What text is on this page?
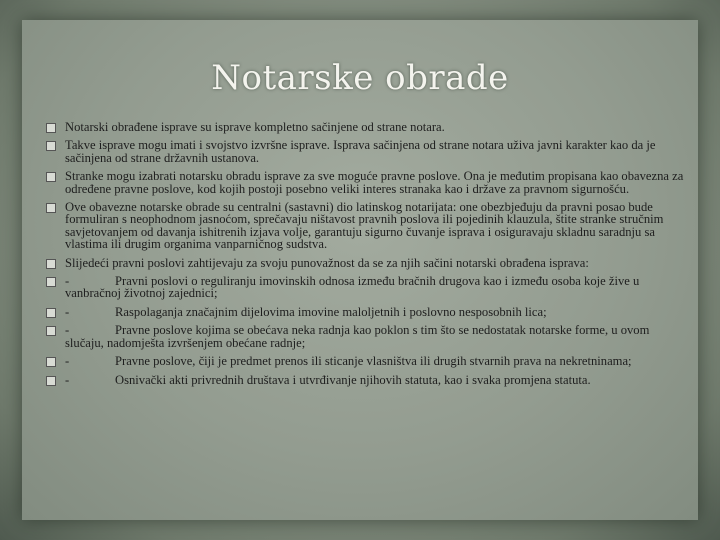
Notarske obrade
Notarski obrađene isprave su isprave kompletno sačinjene od strane notara.
Takve isprave mogu imati i svojstvo izvršne isprave. Isprava sačinjena od strane notara uživa javni karakter kao da je sačinjena od strane državnih ustanova.
Stranke mogu izabrati notarsku obradu isprave za sve moguće pravne poslove. Ona je međutim propisana kao obavezna za određene pravne poslove, kod kojih postoji posebno veliki interes stranaka kao i države za pravnom sigurnošću.
Ove obavezne notarske obrade su centralni (sastavni) dio latinskog notarijata: one obezbjeđuju da pravni posao bude formuliran s neophodnom jasnoćom, sprečavaju ništavost pravnih poslova ili pojedinih klauzula, štite stranke stručnim savjetovanjem od davanja ishitrenih izjava volje, garantuju sigurno čuvanje isprava i osiguravaju skladnu saradnju sa vlastima ili drugim organima vanparničnog sudstva.
Slijedeći pravni poslovi zahtijevaju za svoju punovažnost da se za njih sačini notarski obrađena isprava:
-	Pravni poslovi o reguliranju imovinskih odnosa između bračnih drugova kao i između osoba koje žive u vanbračnoj životnoj zajednici;
-	Raspolaganja značajnim dijelovima imovine maloljetnih i poslovno nesposobnih lica;
-	Pravne poslove kojima se obećava neka radnja kao poklon s tim što se nedostatak notarske forme, u ovom slučaju, nadomješta izvršenjem obećane radnje;
-	Pravne poslove, čiji je predmet prenos ili sticanje vlasništva ili drugih stvarnih prava na nekretninama;
-	Osnivački akti privrednih društava i utvrđivanje njihovih statuta, kao i svaka promjena statuta.
